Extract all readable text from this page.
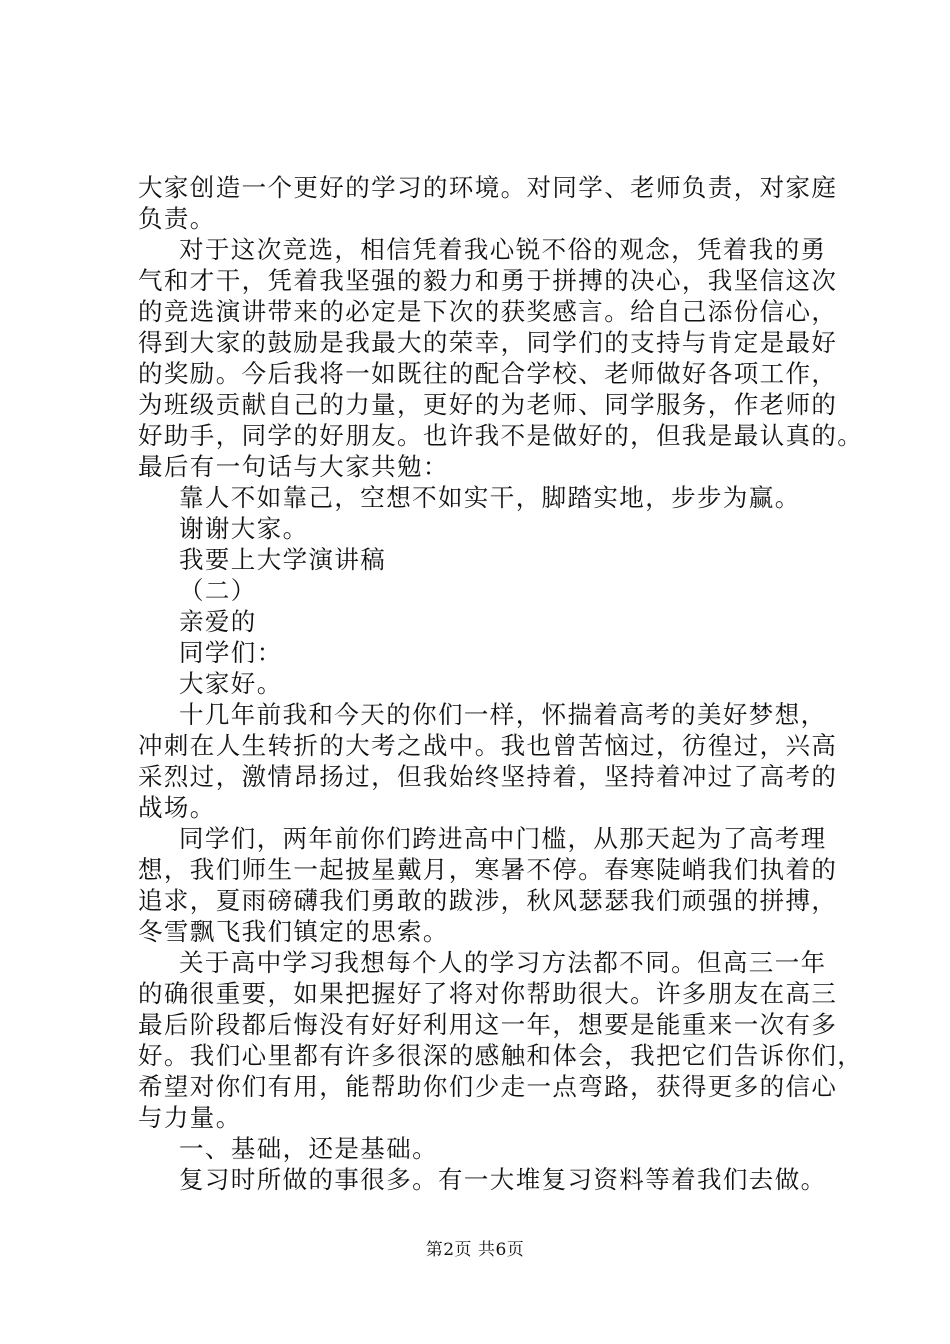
大家创造一个更好的学习的环境。对同学、老师负责，对家庭
负责。
对于这次竞选，相信凭着我心锐不俗的观念，凭着我的勇
气和才干，凭着我坚强的毅力和勇于拼搏的决心，我坚信这次
的竞选演讲带来的必定是下次的获奖感言。给自己添份信心，
得到大家的鼓励是我最大的荣幸，同学们的支持与肯定是最好
的奖励。今后我将一如既往的配合学校、老师做好各项工作，
为班级贡献自己的力量，更好的为老师、同学服务，作老师的
好助手，同学的好朋友。也许我不是做好的，但我是最认真的。
最后有一句话与大家共勉：
靠人不如靠己，空想不如实干，脚踏实地，步步为赢。
谢谢大家。
我要上大学演讲稿
（二）
亲爱的
同学们：
大家好。
十几年前我和今天的你们一样，怀揣着高考的美好梦想，
冲刺在人生转折的大考之战中。我也曾苦恼过，彷徨过，兴高
采烈过，激情昂扬过，但我始终坚持着，坚持着冲过了高考的
战场。
同学们，两年前你们跨进高中门槛，从那天起为了高考理
想，我们师生一起披星戴月，寒暑不停。春寒陡峭我们执着的
追求，夏雨磅礴我们勇敢的跋涉，秋风瑟瑟我们顽强的拼搏，
冬雪飘飞我们镇定的思索。
关于高中学习我想每个人的学习方法都不同。但高三一年
的确很重要，如果把握好了将对你帮助很大。许多朋友在高三
最后阶段都后悔没有好好利用这一年，想要是能重来一次有多
好。我们心里都有许多很深的感触和体会，我把它们告诉你们，
希望对你们有用，能帮助你们少走一点弯路，获得更多的信心
与力量。
一、基础，还是基础。
复习时所做的事很多。有一大堆复习资料等着我们去做。
第2页 共6页
